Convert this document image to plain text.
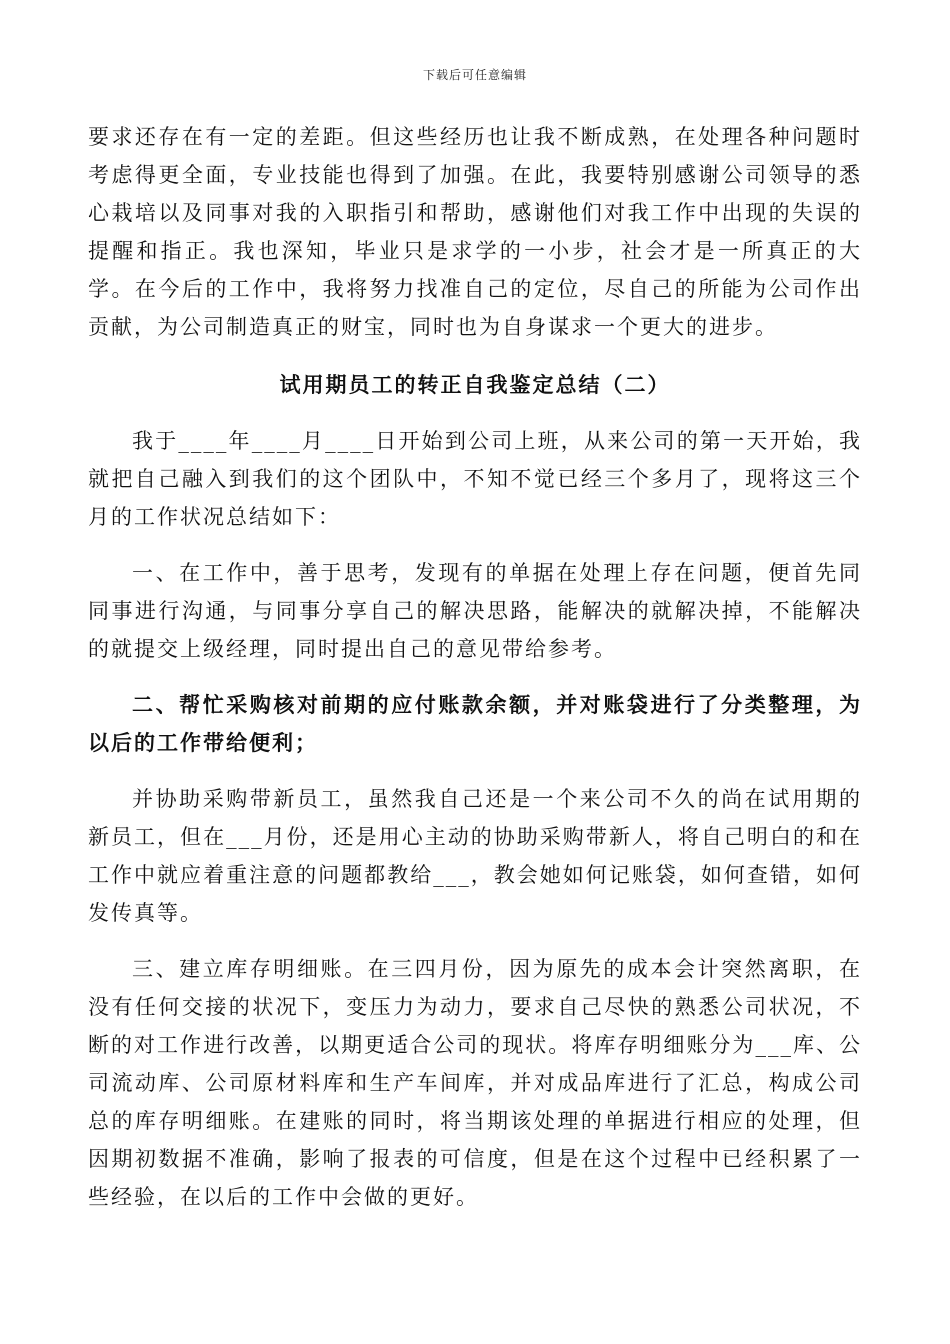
下载后可任意编辑

要求还存在有一定的差距。但这些经历也让我不断成熟，在处理各种问题时考虑得更全面，专业技能也得到了加强。在此，我要特别感谢公司领导的悉心栽培以及同事对我的入职指引和帮助，感谢他们对我工作中出现的失误的提醒和指正。我也深知，毕业只是求学的一小步，社会才是一所真正的大学。在今后的工作中，我将努力找准自己的定位，尽自己的所能为公司作出贡献，为公司制造真正的财宝，同时也为自身谋求一个更大的进步。

试用期员工的转正自我鉴定总结（二）

我于____年____月____日开始到公司上班，从来公司的第一天开始，我就把自己融入到我们的这个团队中，不知不觉已经三个多月了，现将这三个月的工作状况总结如下：

一、在工作中，善于思考，发现有的单据在处理上存在问题，便首先同同事进行沟通，与同事分享自己的解决思路，能解决的就解决掉，不能解决的就提交上级经理，同时提出自己的意见带给参考。

二、帮忙采购核对前期的应付账款余额，并对账袋进行了分类整理，为以后的工作带给便利；

并协助采购带新员工，虽然我自己还是一个来公司不久的尚在试用期的新员工，但在___月份，还是用心主动的协助采购带新人，将自己明白的和在工作中就应着重注意的问题都教给___，教会她如何记账袋，如何查错，如何发传真等。

三、建立库存明细账。在三四月份，因为原先的成本会计突然离职，在没有任何交接的状况下，变压力为动力，要求自己尽快的熟悉公司状况，不断的对工作进行改善，以期更适合公司的现状。将库存明细账分为___库、公司流动库、公司原材料库和生产车间库，并对成品库进行了汇总，构成公司总的库存明细账。在建账的同时，将当期该处理的单据进行相应的处理，但因期初数据不准确，影响了报表的可信度，但是在这个过程中已经积累了一些经验，在以后的工作中会做的更好。
